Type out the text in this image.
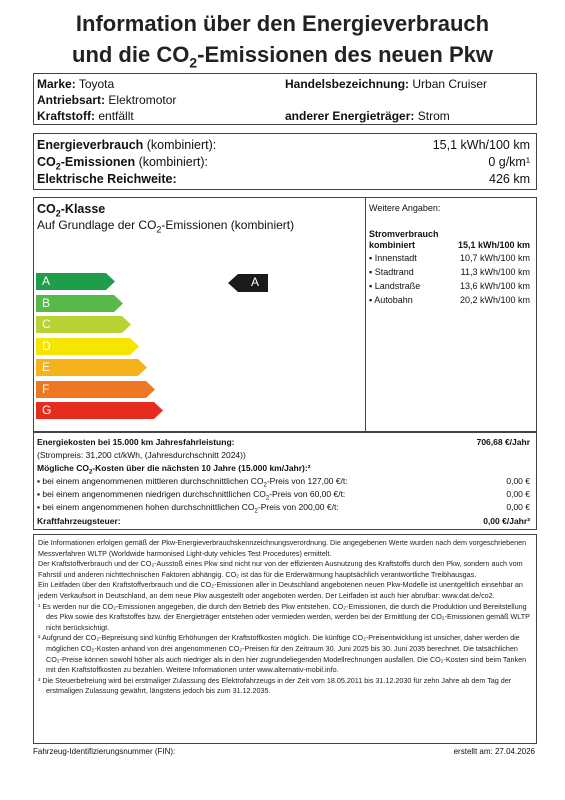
Information über den Energieverbrauch
und die $CO_2$-Emissionen des neuen Pkw
Marke: Toyota	Handelsbezeichnung: Urban Cruiser
Antriebsart: Elektromotor
Kraftstoff: entfällt	anderer Energieträger: Strom
Energieverbrauch (kombiniert):	15,1 kWh/100 km
$CO_2$-Emissionen (kombiniert):	0 g/km¹
Elektrische Reichweite:	426 km
$CO_2$-Klasse
Auf Grundlage der $CO_2$-Emissionen (kombiniert)
A
B
C
D
E
F
G
A
Weitere Angaben:
Stromverbrauch
kombiniert	15,1 kWh/100 km
▪ Innenstadt	10,7 kWh/100 km
▪ Stadtrand	11,3 kWh/100 km
▪ Landstraße	13,6 kWh/100 km
▪ Autobahn	20,2 kWh/100 km
Energiekosten bei 15.000 km Jahresfahrleistung:	706,68 €/Jahr
(Strompreis: 31,200 ct/kWh, (Jahresdurchschnitt 2024))
Mögliche $CO_2$-Kosten über die nächsten 10 Jahre (15.000 km/Jahr):²
▪ bei einem angenommenen mittleren durchschnittlichen $CO_2$-Preis von 127,00 €/t:	0,00 €
▪ bei einem angenommenen niedrigen durchschnittlichen $CO_2$-Preis von 60,00 €/t:	0,00 €
▪ bei einem angenommenen hohen durchschnittlichen $CO_2$-Preis von 200,00 €/t:	0,00 €
Kraftfahrzeugsteuer:	0,00 €/Jahr³

Die Informationen erfolgen gemäß der Pkw-Energieverbrauchskennzeichnungsverordnung. Die angegebenen Werte wurden nach dem vorgeschriebenen Messverfahren WLTP (Worldwide harmonised Light-duty vehicles Test Procedures) ermittelt.

Der Kraftstoffverbrauch und der CO₂-Ausstoß eines Pkw sind nicht nur von der effizienten Ausnutzung des Kraftstoffs durch den Pkw, sondern auch vom Fahrstil und anderen nichttechnischen Faktoren abhängig. CO₂ ist das für die Erderwärmung hauptsächlich verantwortliche Treibhausgas.

Ein Leitfaden über den Kraftstoffverbrauch und die CO₂-Emissionen aller in Deutschland angebotenen neuen Pkw-Modelle ist unentgeltlich einsehbar an jedem Verkaufsort in Deutschland, an dem neue Pkw ausgestellt oder angeboten werden. Der Leitfaden ist auch hier abrufbar: www.dat.de/co2.

¹ Es werden nur die CO₂-Emissionen angegeben, die durch den Betrieb des Pkw entstehen. CO₂-Emissionen, die durch die Produktion und Bereitstellung des Pkw sowie des Kraftstoffes bzw. der Energieträger entstehen oder vermieden werden, werden bei der Ermittlung der CO₂-Emissionen gemäß WLTP nicht berücksichtigt.

² Aufgrund der CO₂-Bepreisung sind künftig Erhöhungen der Kraftstoffkosten möglich. Die künftige CO₂-Preisentwicklung ist unsicher, daher werden die möglichen CO₂-Kosten anhand von drei angenommenen CO₂-Preisen für den Zeitraum 30. Juni 2025 bis 30. Juni 2035 berechnet. Die tatsächlichen CO₂-Preise können sowohl höher als auch niedriger als in den hier zugrundeliegenden Modellrechnungen ausfallen. Die CO₂-Kosten sind beim Tanken mit den Kraftstoffkosten zu bezahlen. Weitere Informationen unter www.alternativ-mobil.info.

³ Die Steuerbefreiung wird bei erstmaliger Zulassung des Elektrofahrzeugs in der Zeit vom 18.05.2011 bis 31.12.2030 für zehn Jahre ab dem Tag der erstmaligen Zulassung gewährt, längstens jedoch bis zum 31.12.2035.

Fahrzeug-Identifizierungsnummer (FIN):	erstellt am: 27.04.2026
